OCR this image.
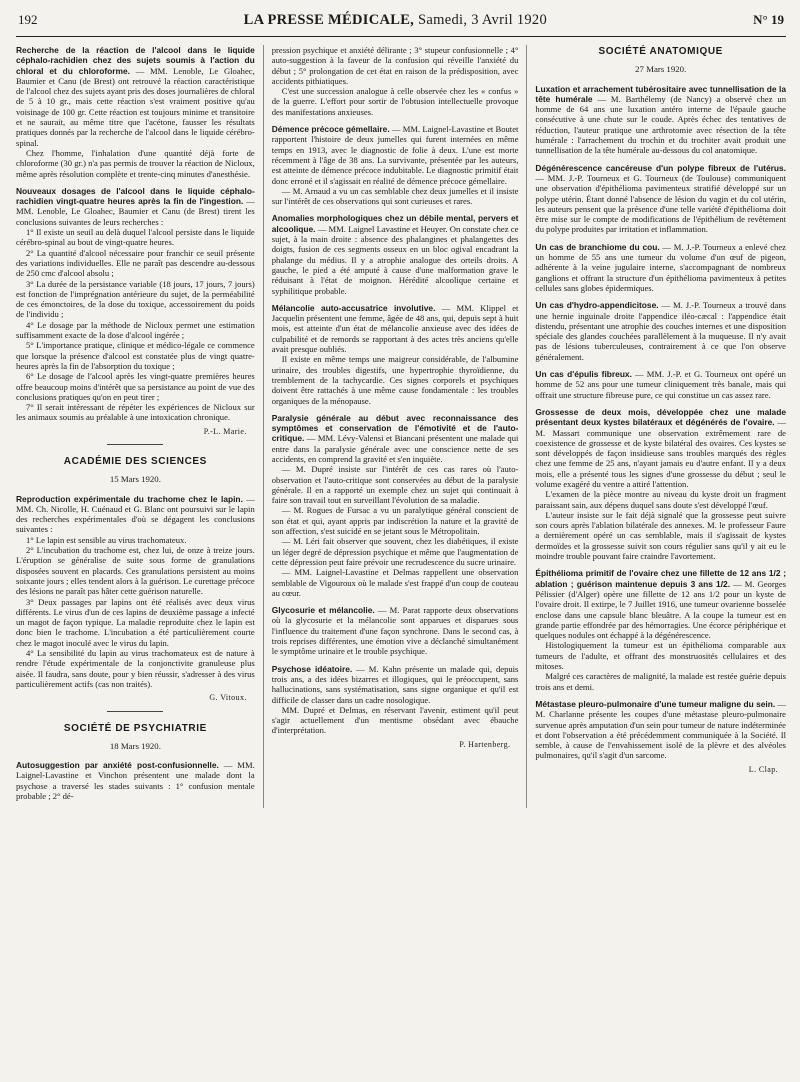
192	LA PRESSE MÉDICALE, Samedi, 3 Avril 1920	N° 19

Recherche de la réaction de l'alcool dans le liquide céphalo-rachidien chez des sujets soumis à l'action du chloral et du chloroforme. — MM. Lenoble, Le Gloahec, Baumier et Canu (de Brest) ont retrouvé la réaction caractéristique de l'alcool chez des sujets ayant pris des doses journalières de chloral de 5 à 10 gr., mais cette réaction s'est vraiment positive qu'au voisinage de 100 gr. Cette réaction est toujours minime et transitoire et ne saurait, au même titre que l'acétone, fausser les résultats pratiques donnés par la recherche de l'alcool dans le liquide cérébro-spinal.

Chez l'homme, l'inhalation d'une quantité déjà forte de chloroforme (30 gr.) n'a pas permis de trouver la réaction de Nicloux, même après résolution complète et trente-cinq minutes d'anesthésie.

Nouveaux dosages de l'alcool dans le liquide céphalo-rachidien vingt-quatre heures après la fin de l'ingestion. — MM. Lenoble, Le Gloahec, Baumier et Canu (de Brest) tirent les conclusions suivantes de leurs recherches :

1° Il existe un seuil au delà duquel l'alcool persiste dans le liquide cérébro-spinal au bout de vingt-quatre heures.

2° La quantité d'alcool nécessaire pour franchir ce seuil présente des variations individuelles. Elle ne paraît pas descendre au-dessous de 250 cmc d'alcool absolu ;

3° La durée de la persistance variable (18 jours, 17 jours, 7 jours) est fonction de l'imprégnation antérieure du sujet, de la perméabilité de ces émonctoires, de la dose du toxique, accessoirement du poids de l'individu ;

4° Le dosage par la méthode de Nicloux permet une estimation suffisamment exacte de la dose d'alcool ingérée ;

5° L'importance pratique, clinique et médico-légale ce commence que lorsque la présence d'alcool est constatée plus de vingt quatre-heures après la fin de l'absorption du toxique ;

6° Le dosage de l'alcool après les vingt-quatre premières heures offre beaucoup moins d'intérêt que sa persistance au point de vue des conclusions pratiques qu'on en peut tirer ;

7° Il serait intéressant de répéter les expériences de Nicloux sur les animaux soumis au préalable à une intoxication chronique.

P.-L. Marie.
ACADÉMIE DES SCIENCES
15 Mars 1920.

Reproduction expérimentale du trachome chez le lapin. — MM. Ch. Nicolle, H. Cuénaud et G. Blanc ont poursuivi sur le lapin des recherches expérimentales d'où se dégagent les conclusions suivantes :

1° Le lapin est sensible au virus trachomateux.

2° L'incubation du trachome est, chez lui, de onze à treize jours. L'éruption se généralise de suite sous forme de granulations disposées souvent en placards. Ces granulations persistent au moins soixante jours ; elles tendent alors à la guérison. Le curettage précoce des lésions ne paraît pas hâter cette guérison naturelle.

3° Deux passages par lapins ont été réalisés avec deux virus différents. Le virus d'un de ces lapins de deuxième passage a infecté un magot de façon typique. La maladie reproduite chez le lapin est donc bien le trachome. L'incubation a été particulièrement courte chez le magot inoculé avec le virus du lapin.

4° La sensibilité du lapin au virus trachomateux est de nature à rendre l'étude expérimentale de la conjonctivite granuleuse plus aisée. Il faudra, sans doute, pour y bien réussir, s'adresser à des virus particulièrement actifs (cas non traités).

G. Vitoux.
SOCIÉTÉ DE PSYCHIATRIE
18 Mars 1920.

Autosuggestion par anxiété post-confusionnelle. — MM. Laignel-Lavastine et Vinchon présentent une malade dont la psychose a traversé les stades suivants : 1° confusion mentale probable ; 2° dé-

pression psychique et anxiété délirante ; 3° stupeur confusionnelle ; 4° auto-suggestion à la faveur de la confusion qui réveille l'anxiété du début ; 5° prolongation de cet état en raison de la prédisposition, avec accidents pithiatiques.

C'est une succession analogue à celle observée chez les « confus » de la guerre. L'effort pour sortir de l'obtusion intellectuelle provoque des manifestations anxieuses.

Démence précoce gémellaire. — MM. Laignel-Lavastine et Boutet rapportent l'histoire de deux jumelles qui furent internées en même temps en 1913, avec le diagnostic de folie à deux. L'une est morte récemment à l'âge de 38 ans. La survivante, présentée par les auteurs, est atteinte de démence précoce indubitable. Le diagnostic primitif était donc erroné et il s'agissait en réalité de démence précoce gémellaire.

— M. Arnaud a vu un cas semblable chez deux jumelles et il insiste sur l'intérêt de ces observations qui sont curieuses et rares.

Anomalies morphologiques chez un débile mental, pervers et alcoolique. — MM. Laignel Lavastine et Heuyer. On constate chez ce sujet, à la main droite : absence des phalangines et phalangettes des doigts, fusion de ces segments osseux en un bloc ogival encadrant la phalange du médius. Il y a atrophie analogue des orteils droits. A gauche, le pied a été amputé à cause d'une malformation grave le réduisant à l'état de moignon. Hérédité alcoolique certaine et syphilitique probable.

Mélancolie auto-accusatrice involutive. — MM. Klippel et Jacquelin présentent une femme, âgée de 48 ans, qui, depuis sept à huit mois, est atteinte d'un état de mélancolie anxieuse avec des idées de culpabilité et de remords se rapportant à des actes très anciens qu'elle avait presque oubliés.

Il existe en même temps une maigreur considérable, de l'albumine urinaire, des troubles digestifs, une hypertrophie thyroïdienne, du tremblement de la tachycardie. Ces signes corporels et psychiques doivent être rattachés à une même cause fondamentale : les troubles organiques de la ménopause.

Paralysie générale au début avec reconnaissance des symptômes et conservation de l'émotivité et de l'auto-critique. — MM. Lévy-Valensi et Biancani présentent une malade qui entre dans la paralysie générale avec une conscience nette de ses accidents, en comprend la gravité et s'en inquiète.

— M. Dupré insiste sur l'intérêt de ces cas rares où l'auto-observation et l'auto-critique sont conservées au début de la paralysie générale. Il en a rapporté un exemple chez un sujet qui continuait à faire son travail tout en surveillant l'évolution de sa maladie.

— M. Rogues de Fursac a vu un paralytique général conscient de son état et qui, ayant appris par indiscrétion la nature et la gravité de son affection, s'est suicidé en se jetant sous le Métropolitain.

— M. Léri fait observer que souvent, chez les diabétiques, il existe un léger degré de dépression psychique et même que l'augmentation de cette dépression peut faire prévoir une recrudescence du sucre urinaire.

— MM. Laignel-Lavastine et Delmas rappellent une observation semblable de Vigouroux où le malade s'est frappé d'un coup de couteau au cœur.

Glycosurie et mélancolie. — M. Parat rapporte deux observations où la glycosurie et la mélancolie sont apparues et disparues sous l'influence du traitement d'une façon synchrone. Dans le second cas, à trois reprises différentes, une émotion vive a déclanché simultanément le symptôme urinaire et le trouble psychique.

Psychose idéatoire. — M. Kahn présente un malade qui, depuis trois ans, a des idées bizarres et illogiques, qui le préoccupent, sans hallucinations, sans systématisation, sans signe organique et qu'il est difficile de classer dans un cadre nosologique.

MM. Dupré et Delmas, en réservant l'avenir, estiment qu'il peut s'agir actuellement d'un mentisme obsédant avec ébauche d'interprétation.

P. Hartenberg.
SOCIÉTÉ ANATOMIQUE
27 Mars 1920.

Luxation et arrachement tubérositaire avec tunnellisation de la tête humérale — M. Barthélemy (de Nancy) a observé chez un homme de 64 ans une luxation antéro interne de l'épaule gauche consécutive à une chute sur le coude. Après échec des tentatives de réduction, l'auteur pratique une arthrotomie avec résection de la tête humérale : l'arrachement du trochin et du trochiter avait produit une tunnellisation de la tête humérale au-dessous du col anatomique.

Dégénérescence cancéreuse d'un polype fibreux de l'utérus. — MM. J.-P. Tourneux et G. Tourneux (de Toulouse) communiquent une observation d'épithélioma pavimenteux stratifié développé sur un polype utérin. Étant donné l'absence de lésion du vagin et du col utérin, les auteurs pensent que la présence d'une telle variété d'épithélioma doit être mise sur le compte de modifications de l'épithélium de revêtement du polype produites par irritation et inflammation.

Un cas de branchiome du cou. — M. J.-P. Tourneux a enlevé chez un homme de 55 ans une tumeur du volume d'un œuf de pigeon, adhérente à la veine jugulaire interne, s'accompagnant de nombreux ganglions et offrant la structure d'un épithélioma pavimenteux à petites cellules sans globes épidermiques.

Un cas d'hydro-appendicitose. — M. J.-P. Tourneux a trouvé dans une hernie inguinale droite l'appendice iléo-cæcal : l'appendice était distendu, présentant une atrophie des couches internes et une disposition spéciale des glandes couchées parallèlement à la muqueuse. Il n'y avait pas de lésions tuberculeuses, contrairement à ce que l'on observe généralement.

Un cas d'épulis fibreux. — MM. J.-P. et G. Tourneux ont opéré un homme de 52 ans pour une tumeur cliniquement très banale, mais qui offrait une structure fibreuse pure, ce qui constitue un cas assez rare.

Grossesse de deux mois, développée chez une malade présentant deux kystes bilatéraux et dégénérés de l'ovaire. — M. Massart communique une observation extrêmement rare de coexistence de grossesse et de kyste bilatéral des ovaires. Ces kystes se sont développés de façon insidieuse sans troubles marqués des règles chez une femme de 25 ans, n'ayant jamais eu d'autre enfant. Il y a deux mois, elle a présenté tous les signes d'une grossesse du début ; seul le volume exagéré du ventre a attiré l'attention.

L'examen de la pièce montre au niveau du kyste droit un fragment paraissant sain, aux dépens duquel sans doute s'est développé l'œuf.

L'auteur insiste sur le fait déjà signalé que la grossesse peut suivre son cours après l'ablation bilatérale des annexes. M. le professeur Faure a dernièrement opéré un cas semblable, mais il s'agissait de kystes dermoïdes et la grossesse suivit son cours régulier sans qu'il y ait eu le moindre trouble pouvant faire craindre l'avortement.

Épithélioma primitif de l'ovaire chez une fillette de 12 ans 1/2 ; ablation ; guérison maintenue depuis 3 ans 1/2. — M. Georges Pélissier (d'Alger) opère une fillette de 12 ans 1/2 pour un kyste de l'ovaire droit. Il extirpe, le 7 Juillet 1916, une tumeur ovarienne bosselée enclose dans une capsule blanc bleuâtre. A la coupe la tumeur est en grande partie effondrée par des hémorragies. Une écorce périphérique et quelques nodules ont échappé à la dégénérescence.

Histologiquement la tumeur est un épithélioma comparable aux tumeurs de l'adulte, et offrant des monstruosités cellulaires et des mitoses.

Malgré ces caractères de malignité, la malade est restée guérie depuis trois ans et demi.

Métastase pleuro-pulmonaire d'une tumeur maligne du sein. — M. Charlanne présente les coupes d'une métastase pleuro-pulmonaire survenue après amputation d'un sein pour tumeur de nature indéterminée et dont l'observation a été précédemment communiquée à la Société. Il semble, à cause de l'envahissement isolé de la plèvre et des alvéoles pulmonaires, qu'il s'agit d'un sarcome.

L. Clap.
